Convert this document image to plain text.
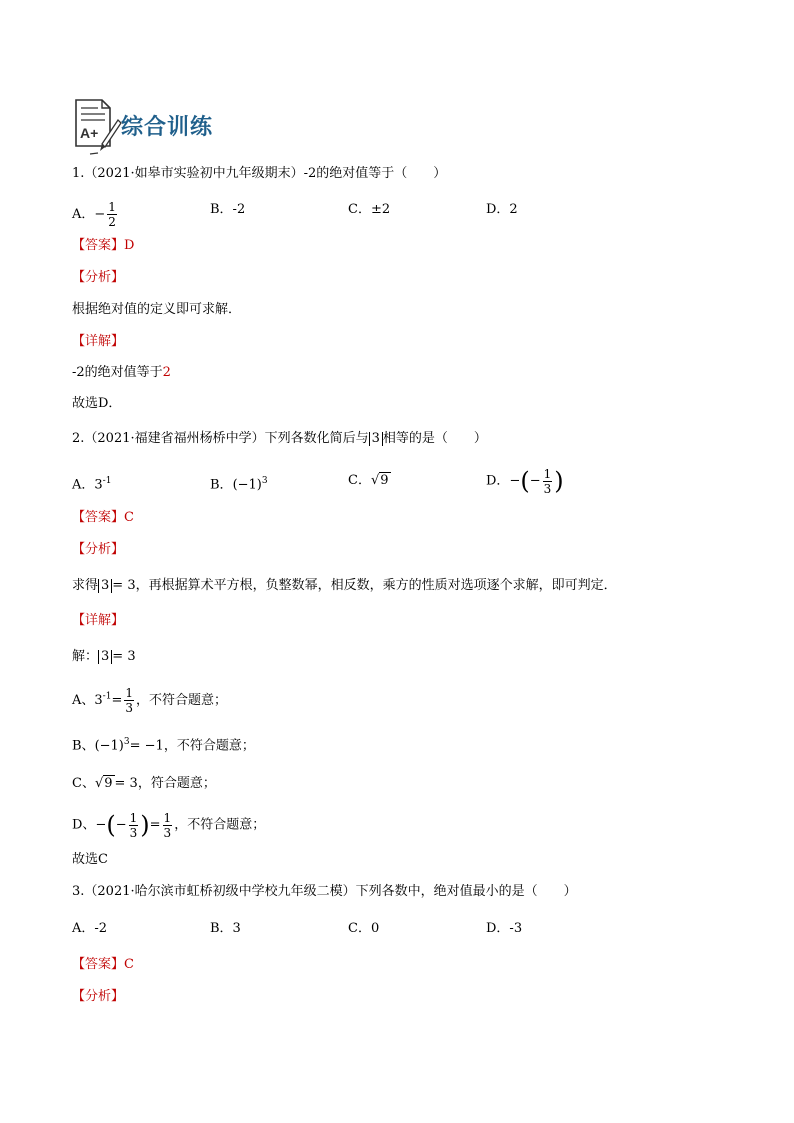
A+ 综合训练
1.（2021·如皋市实验初中九年级期末）-2的绝对值等于（　　）
A．− $\frac{1}{2}$	B．-2	C．±2	D．2
【答案】D
【分析】
根据绝对值的定义即可求解．
【详解】
-2的绝对值等于2
故选D．
2.（2021·福建省福州杨桥中学）下列各数化简后与 3 相等的是（　　）
A．$3^{-1}$	B．$(-1)^3$	C．√9	D．−(− $\frac{1}{3}$ )
【答案】C
【分析】
求得 3 = 3，再根据算术平方根，负整数幂，相反数，乘方的性质对选项逐个求解，即可判定．
【详解】
解： 3 = 3
A、$3^{-1}= \frac{1}{3}$ ，不符合题意；
B、$(-1)^3= -1$，不符合题意；
C、√9 = 3，符合题意；
D、−(− $\frac{1}{3}$ )= $\frac{1}{3}$ ，不符合题意；
故选C
3.（2021·哈尔滨市虹桥初级中学校九年级二模）下列各数中，绝对值最小的是（　　）
A．-2	B．3	C．0	D．-3
【答案】C
【分析】
